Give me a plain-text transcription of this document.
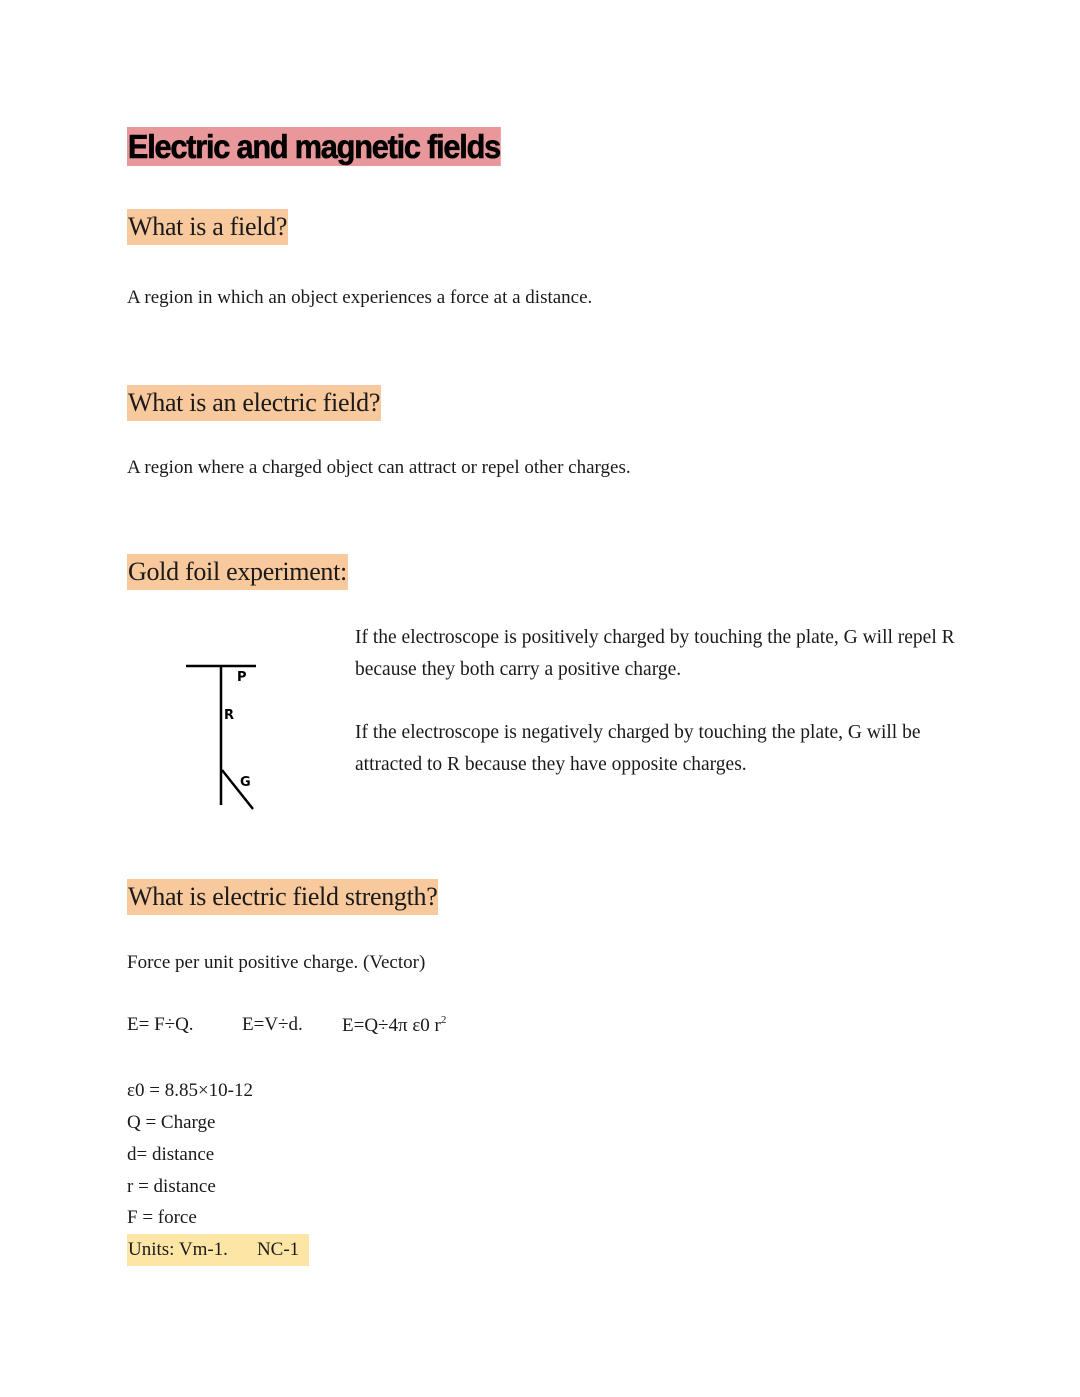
Electric and magnetic fields
What is a field?
A region in which an object experiences a force at a distance.
What is an electric field?
A region where a charged object can attract or repel other charges.
Gold foil experiment:
P
R
G
If the electroscope is positively charged by touching the plate, G will repel R because they both carry a positive charge.
If the electroscope is negatively charged by touching the plate, G will be attracted to R because they have opposite charges.
What is electric field strength?
Force per unit positive charge. (Vector)
E= F÷Q.	E=V÷d. E=Q÷4π ε0 $r^2$
ε0 = 8.85×10-12
Q = Charge
d= distance
r = distance
F = force
Units: Vm-1. NC-1
